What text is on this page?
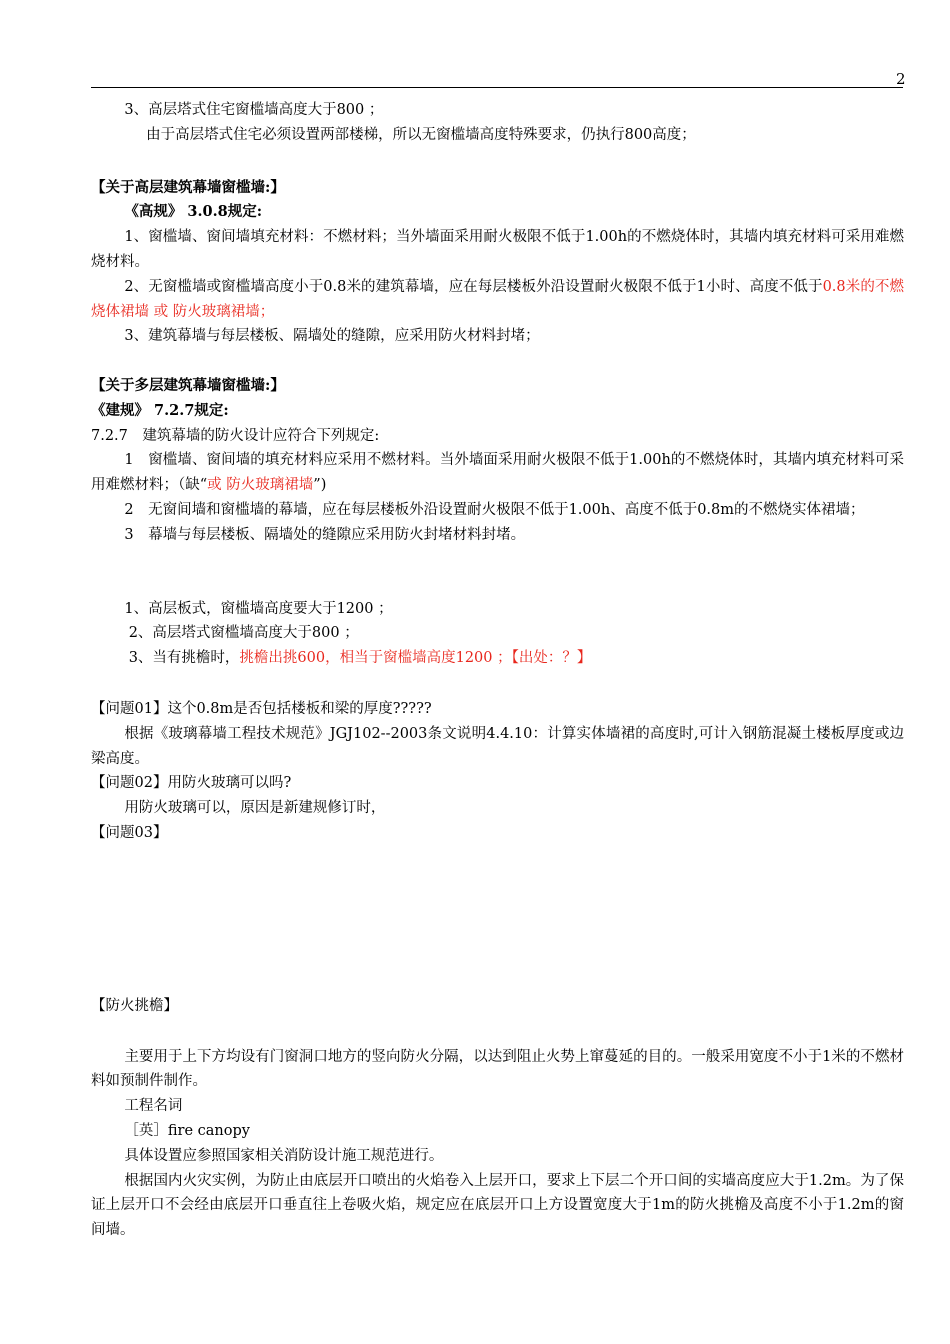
2

3、高层塔式住宅窗槛墙高度大于800 ；

由于高层塔式住宅必须设置两部楼梯，所以无窗槛墙高度特殊要求，仍执行800高度；

【关于高层建筑幕墙窗槛墙:】

《高规》 3.0.8规定:

1、窗槛墙、窗间墙填充材料：不燃材料；当外墙面采用耐火极限不低于1.00h的不燃烧体时，其墙内填充材料可采用难燃烧材料。

2、无窗槛墙或窗槛墙高度小于0.8米的建筑幕墙，应在每层楼板外沿设置耐火极限不低于1小时、高度不低于0.8米的不燃烧体裙墙 或 防火玻璃裙墙；

3、建筑幕墙与每层楼板、隔墙处的缝隙，应采用防火材料封堵；

【关于多层建筑幕墙窗槛墙:】

《建规》 7.2.7规定:

7.2.7　建筑幕墙的防火设计应符合下列规定:

1　窗槛墙、窗间墙的填充材料应采用不燃材料。当外墙面采用耐火极限不低于1.00h的不燃烧体时，其墙内填充材料可采用难燃材料；（缺“或 防火玻璃裙墙”)

2　无窗间墙和窗槛墙的幕墙，应在每层楼板外沿设置耐火极限不低于1.00h、高度不低于0.8m的不燃烧实体裙墙；

3　幕墙与每层楼板、隔墙处的缝隙应采用防火封堵材料封堵。

1、高层板式，窗槛墙高度要大于1200 ；

2、高层塔式窗槛墙高度大于800 ；

3、当有挑檐时，挑檐出挑600，相当于窗槛墙高度1200 ；【出处：？】

【问题01】这个0.8m是否包括楼板和梁的厚度?????

根据《玻璃幕墙工程技术规范》JGJ102--2003条文说明4.4.10：计算实体墙裙的高度时,可计入钢筋混凝土楼板厚度或边梁高度。

【问题02】用防火玻璃可以吗?

用防火玻璃可以，原因是新建规修订时，

【问题03】

【防火挑檐】

主要用于上下方均设有门窗洞口地方的竖向防火分隔，以达到阻止火势上窜蔓延的目的。一般采用宽度不小于1米的不燃材料如预制件制作。

工程名词

［英］fire canopy

具体设置应参照国家相关消防设计施工规范进行。

根据国内火灾实例，为防止由底层开口喷出的火焰卷入上层开口，要求上下层二个开口间的实墙高度应大于1.2m。为了保证上层开口不会经由底层开口垂直往上卷吸火焰，规定应在底层开口上方设置宽度大于1m的防火挑檐及高度不小于1.2m的窗间墙。
